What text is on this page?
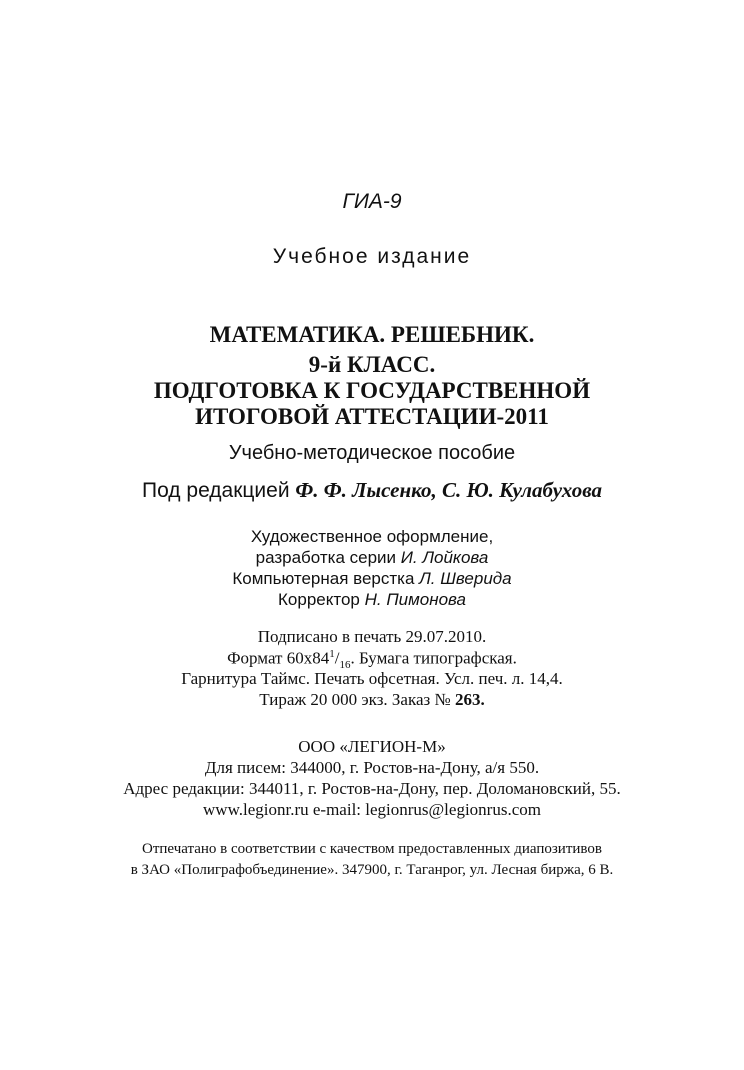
ГИА-9
Учебное издание
МАТЕМАТИКА. РЕШЕБНИК.
9-й КЛАСС.
ПОДГОТОВКА К ГОСУДАРСТВЕННОЙ
ИТОГОВОЙ АТТЕСТАЦИИ-2011
Учебно-методическое пособие
Под редакцией Ф. Ф. Лысенко, С. Ю. Кулабухова
Художественное оформление,
разработка серии И. Лойкова
Компьютерная верстка Л. Шверида
Корректор Н. Пимонова
Подписано в печать 29.07.2010.
Формат $60х84^1/_{16}$. Бумага типографская.
Гарнитура Таймс. Печать офсетная. Усл. печ. л. 14,4.
Тираж 20 000 экз. Заказ № 263.
ООО «ЛЕГИОН-М»
Для писем: 344000, г. Ростов-на-Дону, а/я 550.
Адрес редакции: 344011, г. Ростов-на-Дону, пер. Доломановский, 55.
www.legionr.ru e-mail: legionrus@legionrus.com
Отпечатано в соответствии с качеством предоставленных диапозитивов
в ЗАО «Полиграфобъединение». 347900, г. Таганрог, ул. Лесная биржа, 6 В.
